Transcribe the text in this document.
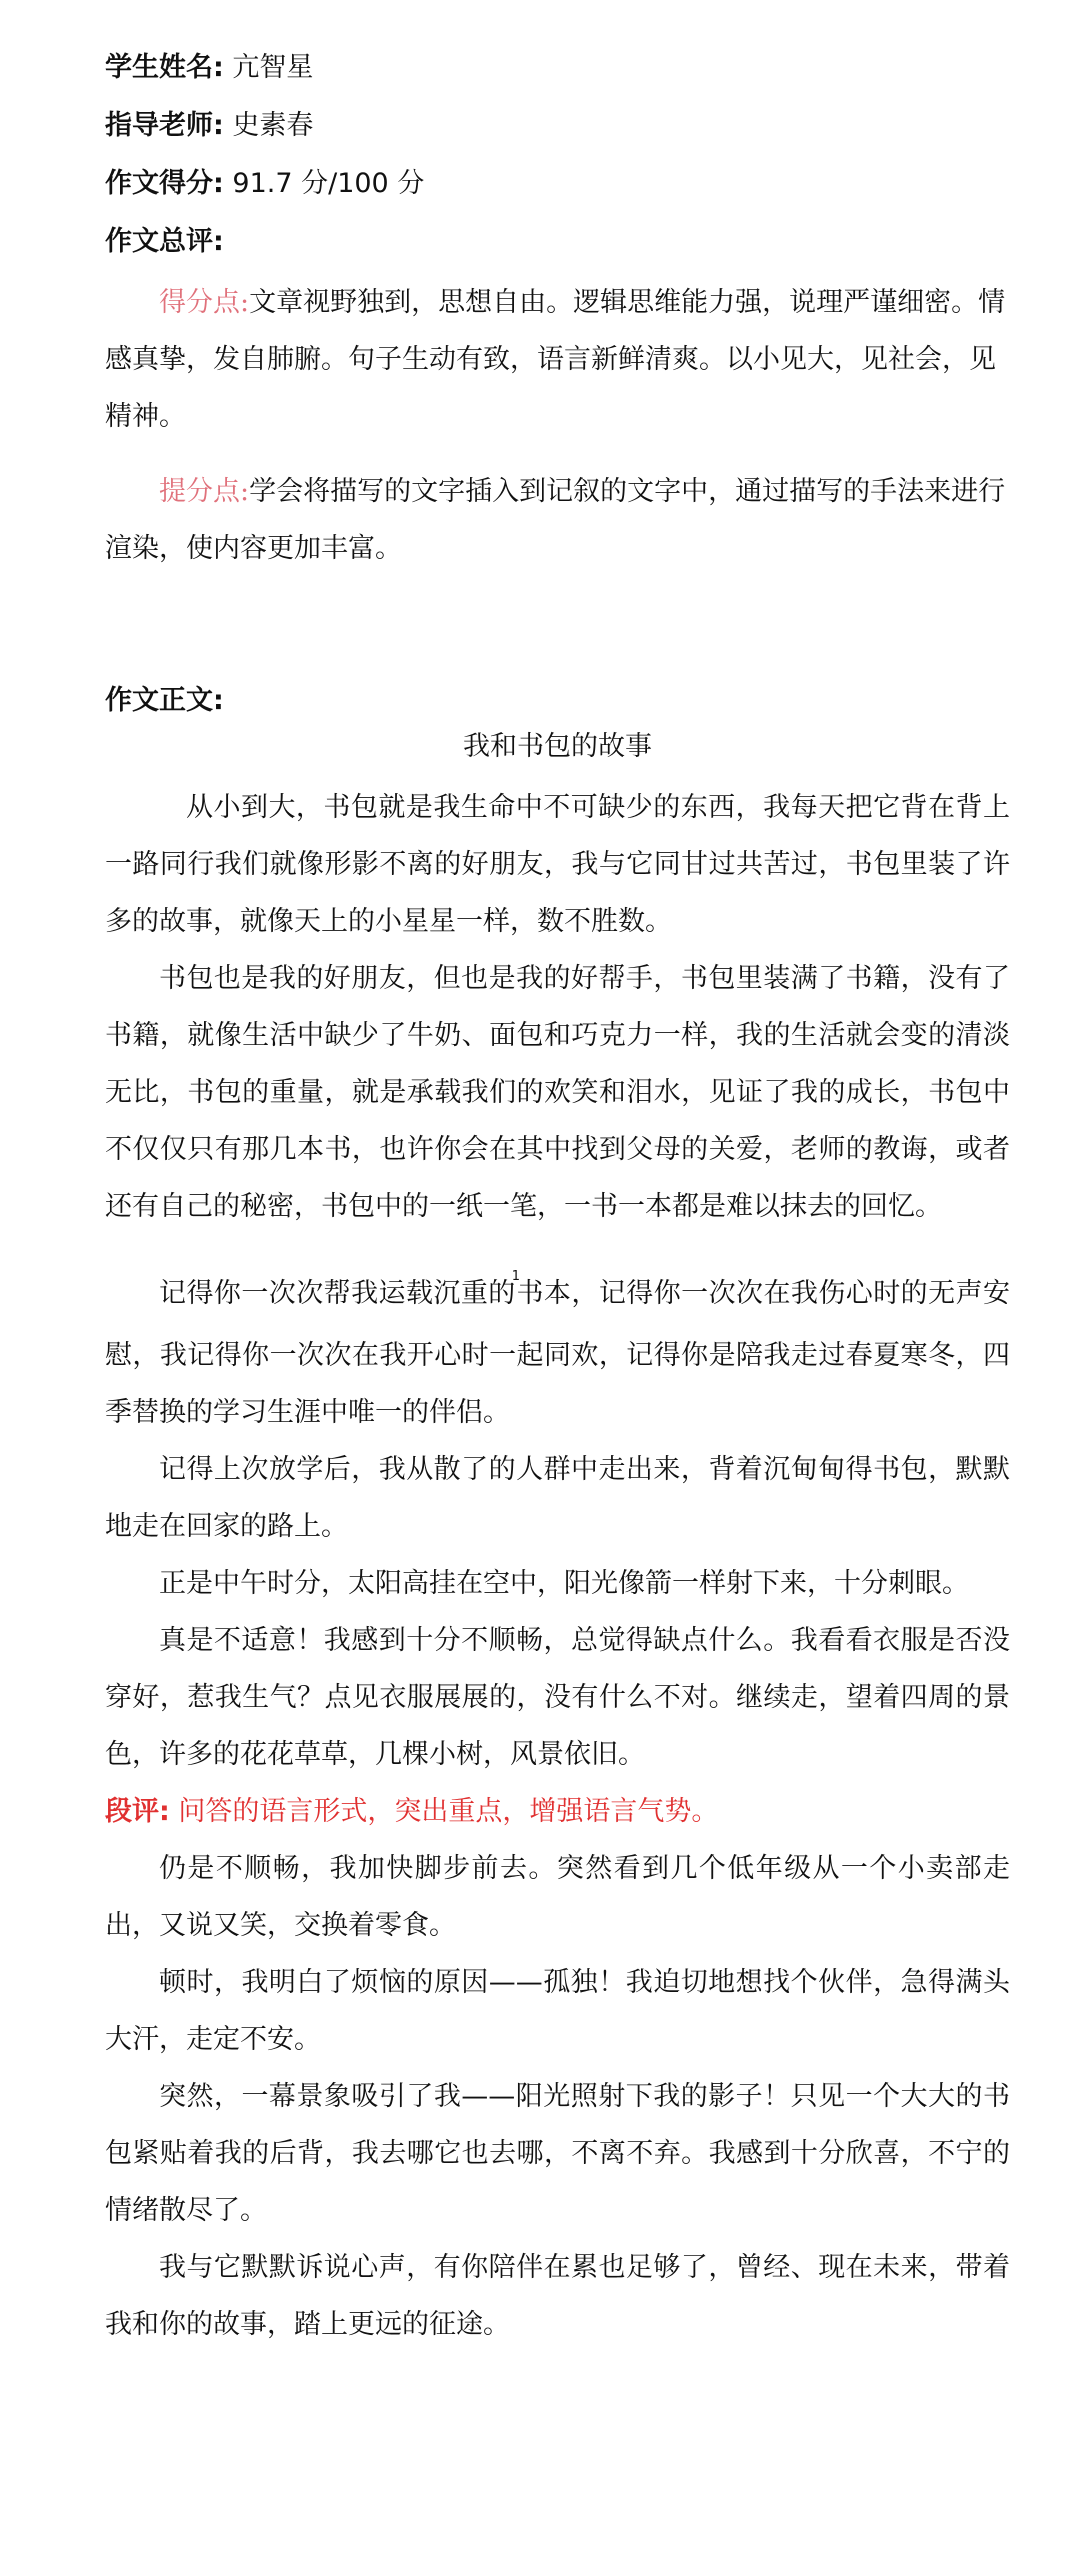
学生姓名: 亢智星

指导老师: 史素春

作文得分: 91.7 分/100 分

作文总评:

得分点:文章视野独到，思想自由。逻辑思维能力强，说理严谨细密。情感真挚，发自肺腑。句子生动有致，语言新鲜清爽。以小见大，见社会，见精神。

提分点:学会将描写的文字插入到记叙的文字中，通过描写的手法来进行渲染，使内容更加丰富。

作文正文:

我和书包的故事

从小到大，书包就是我生命中不可缺少的东西，我每天把它背在背上一路同行我们就像形影不离的好朋友，我与它同甘过共苦过，书包里装了许多的故事，就像天上的小星星一样，数不胜数。

书包也是我的好朋友，但也是我的好帮手，书包里装满了书籍，没有了书籍，就像生活中缺少了牛奶、面包和巧克力一样，我的生活就会变的清淡无比，书包的重量，就是承载我们的欢笑和泪水，见证了我的成长，书包中不仅仅只有那几本书，也许你会在其中找到父母的关爱，老师的教诲，或者还有自己的秘密，书包中的一纸一笔，一书一本都是难以抹去的回忆。

记得你一次次帮我运载沉重的$^1$书本，记得你一次次在我伤心时的无声安慰，我记得你一次次在我开心时一起同欢，记得你是陪我走过春夏寒冬，四季替换的学习生涯中唯一的伴侣。

记得上次放学后，我从散了的人群中走出来，背着沉甸甸得书包，默默地走在回家的路上。

正是中午时分，太阳高挂在空中，阳光像箭一样射下来，十分刺眼。

真是不适意！我感到十分不顺畅，总觉得缺点什么。我看看衣服是否没穿好，惹我生气？点见衣服展展的，没有什么不对。继续走，望着四周的景色，许多的花花草草，几棵小树，风景依旧。

段评: 问答的语言形式，突出重点，增强语言气势。

仍是不顺畅，我加快脚步前去。突然看到几个低年级从一个小卖部走出，又说又笑，交换着零食。

顿时，我明白了烦恼的原因——孤独！我迫切地想找个伙伴，急得满头大汗，走定不安。

突然，一幕景象吸引了我——阳光照射下我的影子！只见一个大大的书包紧贴着我的后背，我去哪它也去哪，不离不弃。我感到十分欣喜，不宁的情绪散尽了。

我与它默默诉说心声，有你陪伴在累也足够了，曾经、现在未来，带着我和你的故事，踏上更远的征途。
